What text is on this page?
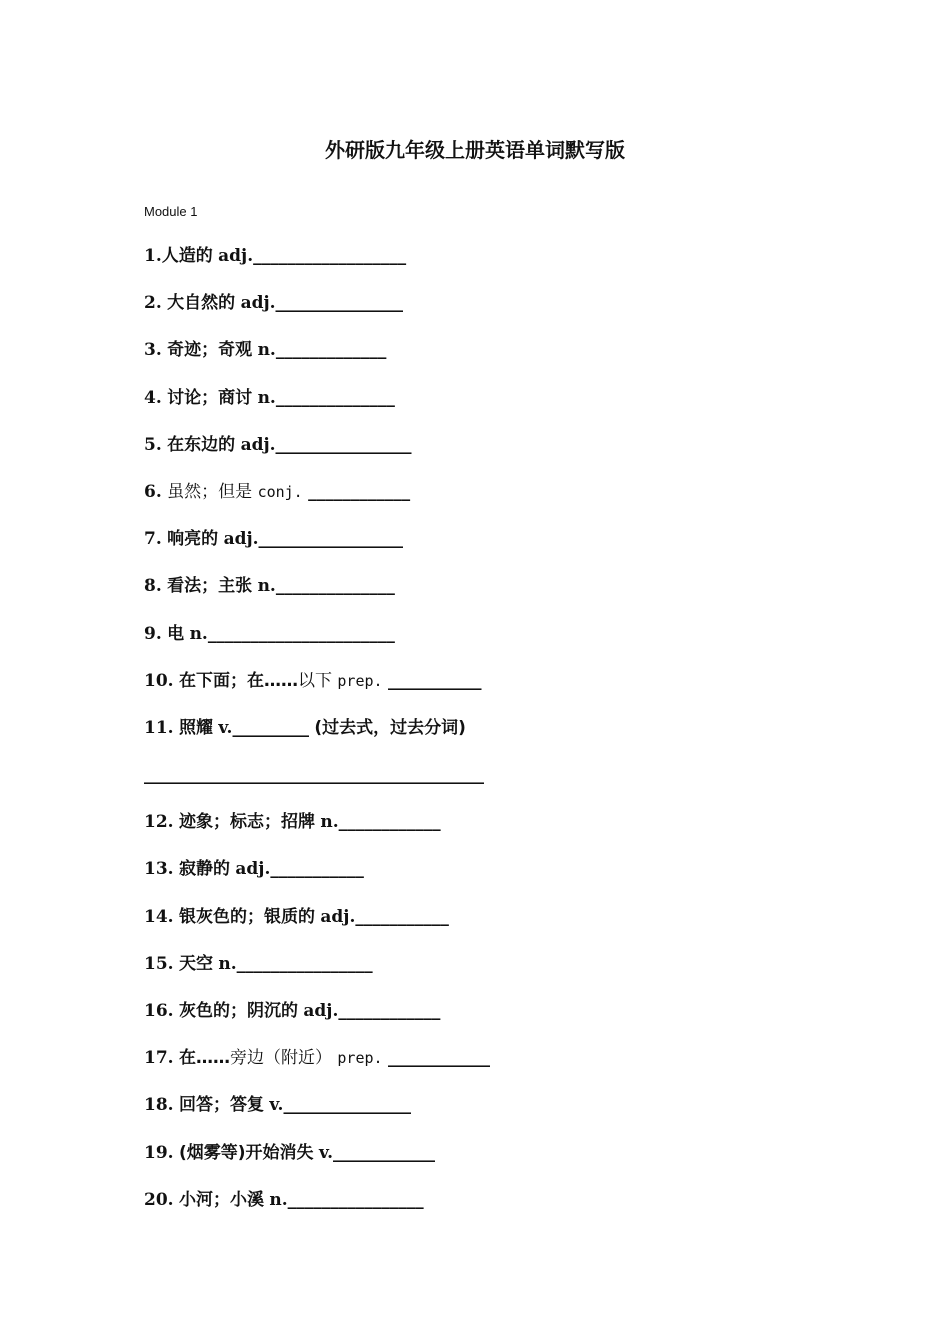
外研版九年级上册英语单词默写版

Module 1

1.人造的 adj.__________________
2. 大自然的 adj._______________
3. 奇迹；奇观 n._____________
4. 讨论；商讨 n.______________
5. 在东边的 adj.________________
6. 虽然；但是 conj. ____________
7. 响亮的 adj._________________
8. 看法；主张 n.______________
9. 电 n.______________________
10. 在下面；在……以下 prep. ___________
11. 照耀 v._________ (过去式，过去分词)
________________________________________
12. 迹象；标志；招牌 n.____________
13. 寂静的 adj.___________
14. 银灰色的；银质的 adj.___________
15. 天空 n.________________
16. 灰色的；阴沉的 adj.____________
17. 在……旁边（附近） prep. ____________
18. 回答；答复 v._______________
19. (烟雾等)开始消失 v.____________
20. 小河；小溪 n.________________
